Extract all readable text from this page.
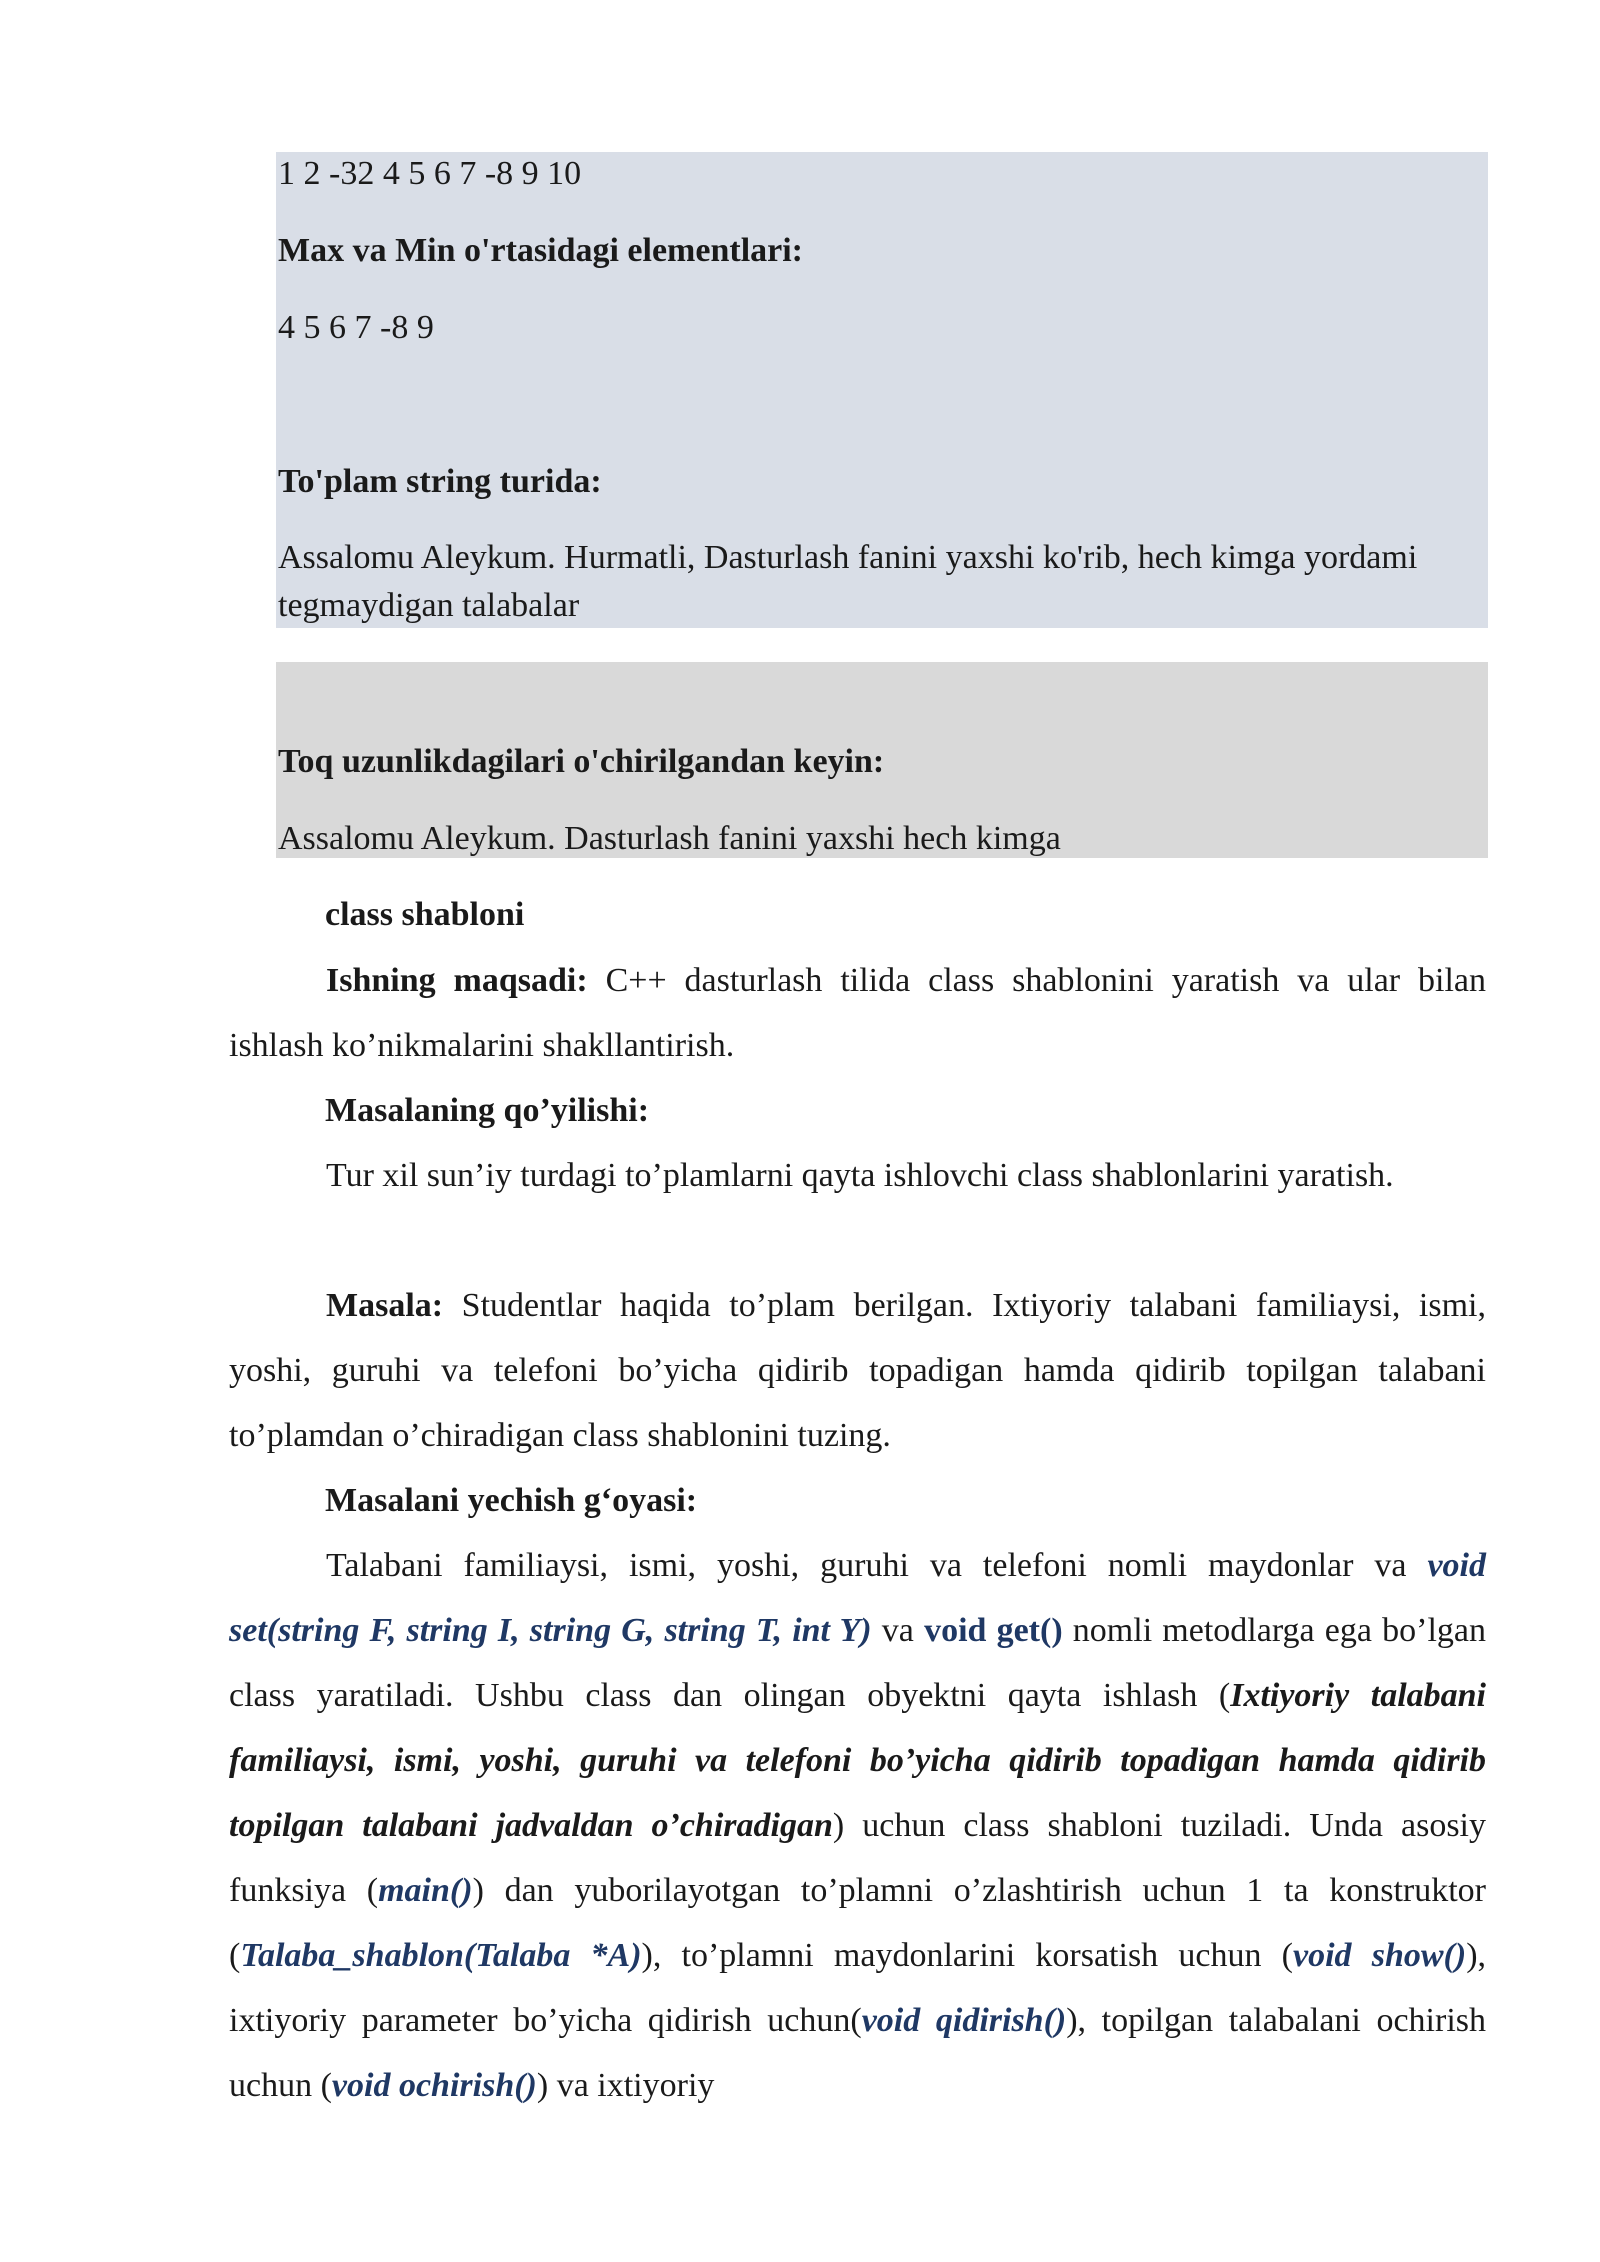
1 2 -32 4 5 6 7 -8 9 10
Max va Min o'rtasidagi elementlari:
4 5 6 7 -8 9
To'plam string turida:
Assalomu Aleykum. Hurmatli, Dasturlash fanini yaxshi ko'rib, hech kimga yordami tegmaydigan talabalar
Toq uzunlikdagilari o'chirilgandan keyin:
Assalomu Aleykum. Dasturlash fanini yaxshi hech kimga
class shabloni
Ishning maqsadi: C++ dasturlash tilida class shablonini yaratish va ular bilan ishlash ko’nikmalarini shakllantirish.
Masalaning qo’yilishi:
Tur xil sun’iy turdagi to’plamlarni qayta ishlovchi class shablonlarini yaratish.
Masala: Studentlar haqida to’plam berilgan. Ixtiyoriy talabani familiaysi, ismi, yoshi, guruhi va telefoni bo’yicha qidirib topadigan hamda qidirib topilgan talabani to’plamdan o’chiradigan class shablonini tuzing.
Masalani yechish g‘oyasi:
Talabani familiaysi, ismi, yoshi, guruhi va telefoni nomli maydonlar va void set(string F, string I, string G, string T, int Y) va void get() nomli metodlarga ega bo’lgan class yaratiladi. Ushbu class dan olingan obyektni qayta ishlash (Ixtiyoriy talabani familiaysi, ismi, yoshi, guruhi va telefoni bo’yicha qidirib topadigan hamda qidirib topilgan talabani jadvaldan o’chiradigan) uchun class shabloni tuziladi. Unda asosiy funksiya (main()) dan yuborilayotgan to’plamni o’zlashtirish uchun 1 ta konstruktor (Talaba_shablon(Talaba *A)), to’plamni maydonlarini korsatish uchun (void show()), ixtiyoriy parameter bo’yicha qidirish uchun(void qidirish()), topilgan talabalani ochirish uchun (void ochirish()) va ixtiyoriy
